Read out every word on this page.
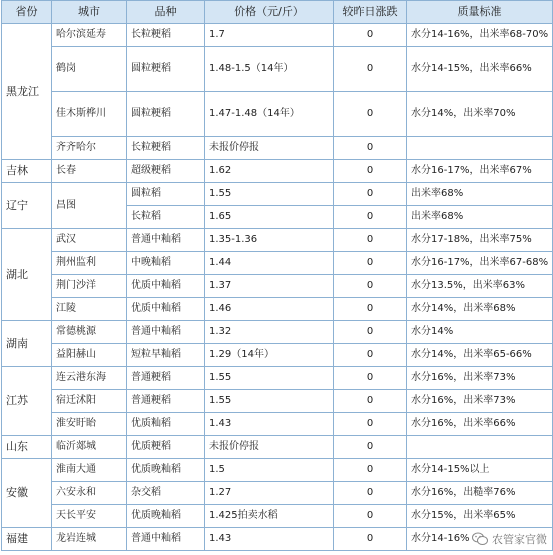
省份	城市	品种	价格（元/斤）	较昨日涨跌	质量标准
黑龙江	哈尔滨延寿	长粒粳稻	1.7	0	水分14-16%，出米率68-70%
	鹤岗	圆粒粳稻	1.48-1.5（14年）	0	水分14-15%，出米率66%
	佳木斯桦川	圆粒粳稻	1.47-1.48（14年）	0	水分14%，出米率70%
	齐齐哈尔	长粒粳稻	未报价停报	0	
吉林	长春	超级粳稻	1.62	0	水分16-17%，出米率67%
辽宁	昌图	圆粒稻	1.55	0	出米率68%
		长粒稻	1.65	0	出米率68%
湖北	武汉	普通中籼稻	1.35-1.36	0	水分17-18%，出米率75%
	荆州监利	中晚籼稻	1.44	0	水分16-17%，出米率67-68%
	荆门沙洋	优质中籼稻	1.37	0	水分13.5%，出米率63%
	江陵	优质中籼稻	1.46	0	水分14%，出米率68%
湖南	常德桃源	普通中籼稻	1.32	0	水分14%
	益阳赫山	短粒早籼稻	1.29（14年）	0	水分14%，出米率65-66%
江苏	连云港东海	普通粳稻	1.55	0	水分16%，出米率73%
	宿迁沭阳	普通粳稻	1.55	0	水分16%，出米率73%
	淮安盱眙	优质籼稻	1.43	0	水分16%，出米率66%
山东	临沂郯城	优质粳稻	未报价停报	0	
安徽	淮南大通	优质晚籼稻	1.5	0	水分14-15%以上
	六安永和	杂交稻	1.27	0	水分16%，出糙率76%
	天长平安	优质晚籼稻	1.425拍卖水稻	0	水分15%，出米率65%
福建	龙岩连城	普通中籼稻	1.43	0	水分14-16% 农管家官微
